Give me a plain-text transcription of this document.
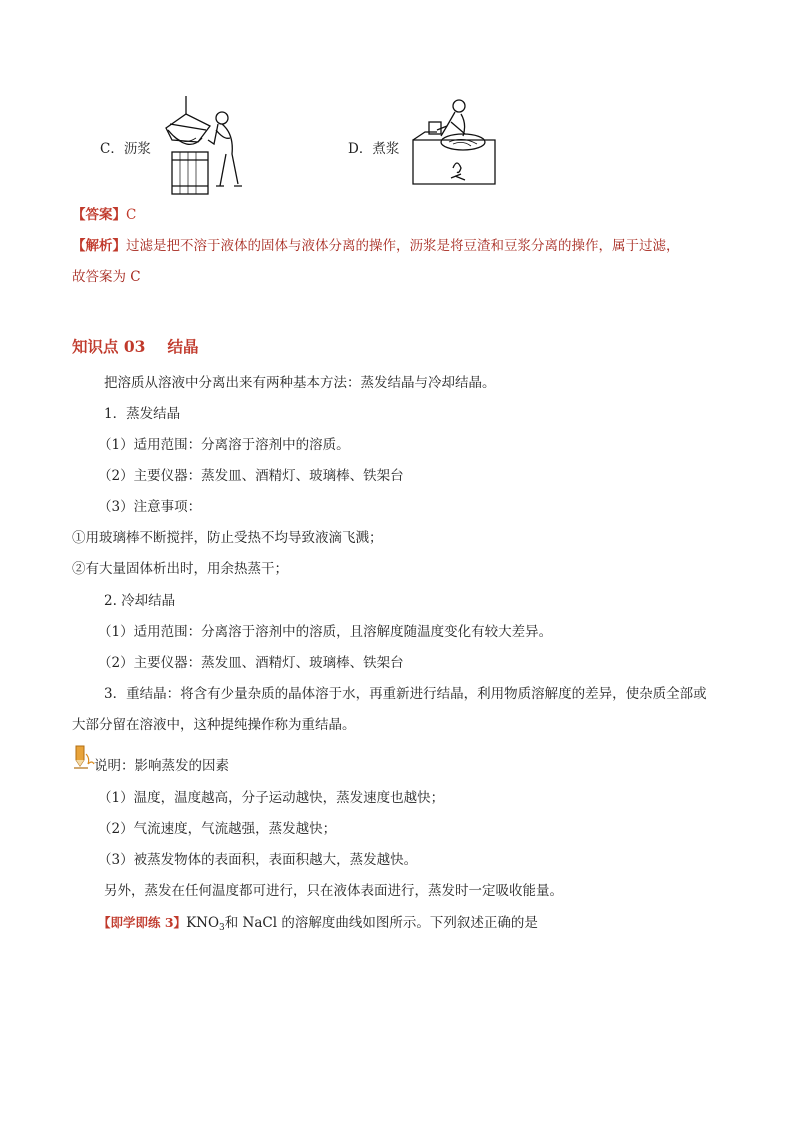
C．沥浆	D．煮浆
【答案】C
【解析】过滤是把不溶于液体的固体与液体分离的操作，沥浆是将豆渣和豆浆分离的操作，属于过滤，
故答案为 C
知识点 03 结晶
把溶质从溶液中分离出来有两种基本方法：蒸发结晶与冷却结晶。
1．蒸发结晶
（1）适用范围：分离溶于溶剂中的溶质。
（2）主要仪器：蒸发皿、酒精灯、玻璃棒、铁架台
（3）注意事项：
①用玻璃棒不断搅拌，防止受热不均导致液滴飞溅；
②有大量固体析出时，用余热蒸干；
2. 冷却结晶
（1）适用范围：分离溶于溶剂中的溶质，且溶解度随温度变化有较大差异。
（2）主要仪器：蒸发皿、酒精灯、玻璃棒、铁架台
3．重结晶：将含有少量杂质的晶体溶于水，再重新进行结晶，利用物质溶解度的差异，使杂质全部或
大部分留在溶液中，这种提纯操作称为重结晶。
说明：影响蒸发的因素
（1）温度，温度越高，分子运动越快，蒸发速度也越快；
（2）气流速度，气流越强，蒸发越快；
（3）被蒸发物体的表面积，表面积越大，蒸发越快。
另外，蒸发在任何温度都可进行，只在液体表面进行，蒸发时一定吸收能量。
【即学即练 3】$KNO_3$和 NaCl 的溶解度曲线如图所示。下列叙述正确的是
